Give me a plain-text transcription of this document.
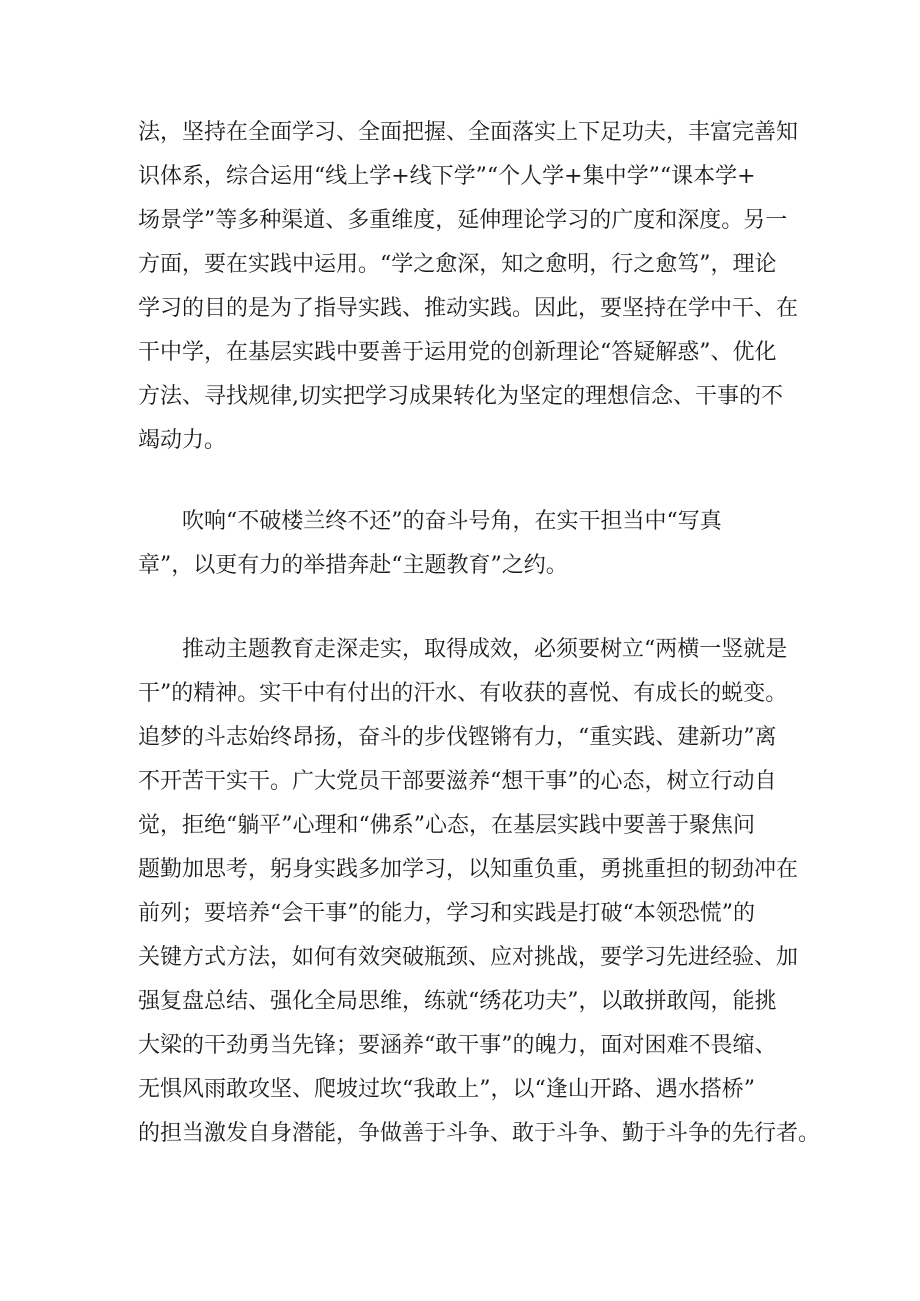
法，坚持在全面学习、全面把握、全面落实上下足功夫，丰富完善知
识体系，综合运用“线上学+线下学”“个人学+集中学”“课本学+
场景学”等多种渠道、多重维度，延伸理论学习的广度和深度。另一
方面，要在实践中运用。“学之愈深，知之愈明，行之愈笃”，理论
学习的目的是为了指导实践、推动实践。因此，要坚持在学中干、在
干中学，在基层实践中要善于运用党的创新理论“答疑解惑”、优化
方法、寻找规律,切实把学习成果转化为坚定的理想信念、干事的不
竭动力。
吹响“不破楼兰终不还”的奋斗号角，在实干担当中“写真
章”，以更有力的举措奔赴“主题教育”之约。
推动主题教育走深走实，取得成效，必须要树立“两横一竖就是
干”的精神。实干中有付出的汗水、有收获的喜悦、有成长的蜕变。
追梦的斗志始终昂扬，奋斗的步伐铿锵有力，“重实践、建新功”离
不开苦干实干。广大党员干部要滋养“想干事”的心态，树立行动自
觉，拒绝“躺平”心理和“佛系”心态，在基层实践中要善于聚焦问
题勤加思考，躬身实践多加学习，以知重负重，勇挑重担的韧劲冲在
前列；要培养“会干事”的能力，学习和实践是打破“本领恐慌”的
关键方式方法，如何有效突破瓶颈、应对挑战，要学习先进经验、加
强复盘总结、强化全局思维，练就“绣花功夫”，以敢拼敢闯，能挑
大梁的干劲勇当先锋；要涵养“敢干事”的魄力，面对困难不畏缩、
无惧风雨敢攻坚、爬坡过坎“我敢上”，以“逢山开路、遇水搭桥”
的担当激发自身潜能，争做善于斗争、敢于斗争、勤于斗争的先行者。
